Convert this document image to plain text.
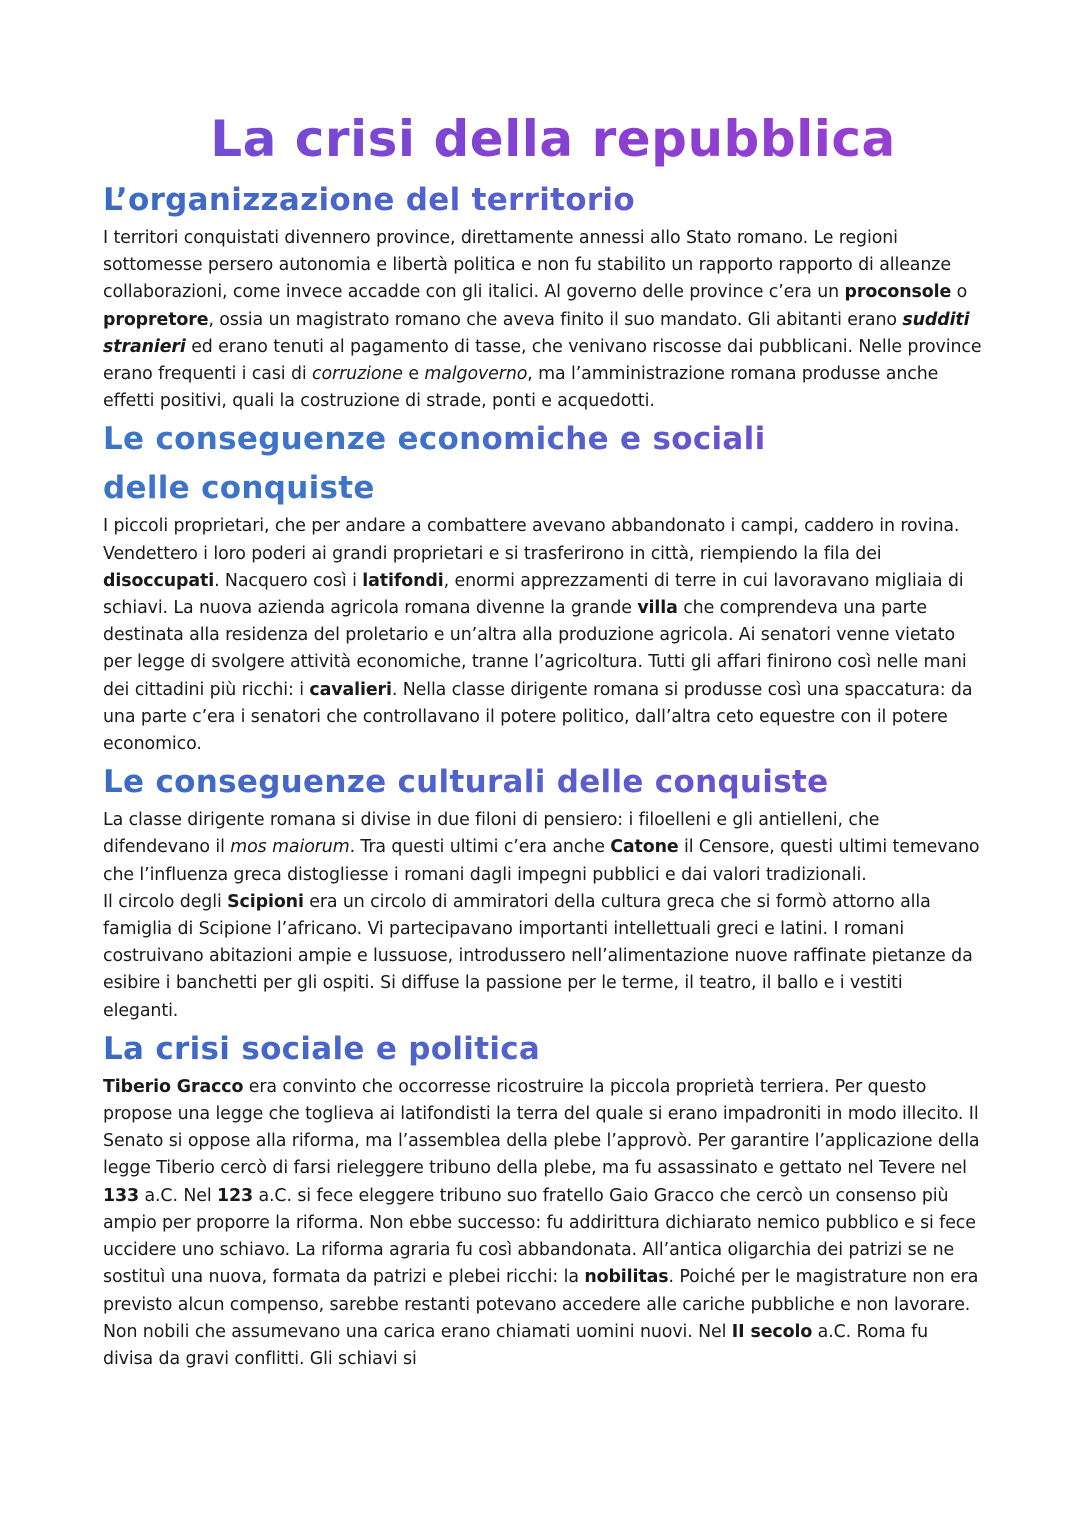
La crisi della repubblica
L’organizzazione del territorio

I territori conquistati divennero province, direttamente annessi allo Stato romano. Le regioni sottomesse persero autonomia e libertà politica e non fu stabilito un rapporto rapporto di alleanze collaborazioni, come invece accadde con gli italici. Al governo delle province c’era un proconsole o propretore, ossia un magistrato romano che aveva finito il suo mandato. Gli abitanti erano sudditi stranieri ed erano tenuti al pagamento di tasse, che venivano riscosse dai pubblicani. Nelle province erano frequenti i casi di corruzione e malgoverno, ma l’amministrazione romana produsse anche effetti positivi, quali la costruzione di strade, ponti e acquedotti.

Le conseguenze economiche e sociali delle conquiste

I piccoli proprietari, che per andare a combattere avevano abbandonato i campi, caddero in rovina. Vendettero i loro poderi ai grandi proprietari e si trasferirono in città, riempiendo la fila dei disoccupati. Nacquero così i latifondi, enormi apprezzamenti di terre in cui lavoravano migliaia di schiavi. La nuova azienda agricola romana divenne la grande villa che comprendeva una parte destinata alla residenza del proletario e un’altra alla produzione agricola. Ai senatori venne vietato per legge di svolgere attività economiche, tranne l’agricoltura. Tutti gli affari finirono così nelle mani dei cittadini più ricchi: i cavalieri. Nella classe dirigente romana si produsse così una spaccatura: da una parte c’era i senatori che controllavano il potere politico, dall’altra ceto equestre con il potere economico.

Le conseguenze culturali delle conquiste

La classe dirigente romana si divise in due filoni di pensiero: i filoelleni e gli antielleni, che difendevano il mos maiorum. Tra questi ultimi c’era anche Catone il Censore, questi ultimi temevano che l’influenza greca distogliesse i romani dagli impegni pubblici e dai valori tradizionali.

Il circolo degli Scipioni era un circolo di ammiratori della cultura greca che si formò attorno alla famiglia di Scipione l’africano. Vi partecipavano importanti intellettuali greci e latini. I romani costruivano abitazioni ampie e lussuose, introdussero nell’alimentazione nuove raffinate pietanze da esibire i banchetti per gli ospiti. Si diffuse la passione per le terme, il teatro, il ballo e i vestiti eleganti.

La crisi sociale e politica

Tiberio Gracco era convinto che occorresse ricostruire la piccola proprietà terriera. Per questo propose una legge che toglieva ai latifondisti la terra del quale si erano impadroniti in modo illecito. Il Senato si oppose alla riforma, ma l’assemblea della plebe l’approvò. Per garantire l’applicazione della legge Tiberio cercò di farsi rieleggere tribuno della plebe, ma fu assassinato e gettato nel Tevere nel 133 a.C. Nel 123 a.C. si fece eleggere tribuno suo fratello Gaio Gracco che cercò un consenso più ampio per proporre la riforma. Non ebbe successo: fu addirittura dichiarato nemico pubblico e si fece uccidere uno schiavo. La riforma agraria fu così abbandonata. All’antica oligarchia dei patrizi se ne sostituì una nuova, formata da patrizi e plebei ricchi: la nobilitas. Poiché per le magistrature non era previsto alcun compenso, sarebbe restanti potevano accedere alle cariche pubbliche e non lavorare. Non nobili che assumevano una carica erano chiamati uomini nuovi. Nel II secolo a.C. Roma fu divisa da gravi conflitti. Gli schiavi si
